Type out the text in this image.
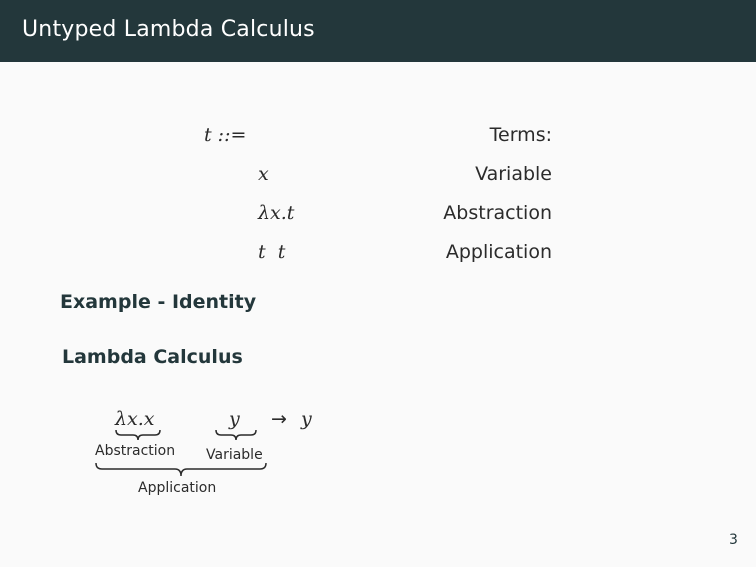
Untyped Lambda Calculus
t ::=	Terms:
x	Variable
λx.t	Abstraction
t  t	Application
Example - Identity
Lambda Calculus
λx.x
Abstraction
y
Variable
Application
→ y
3
